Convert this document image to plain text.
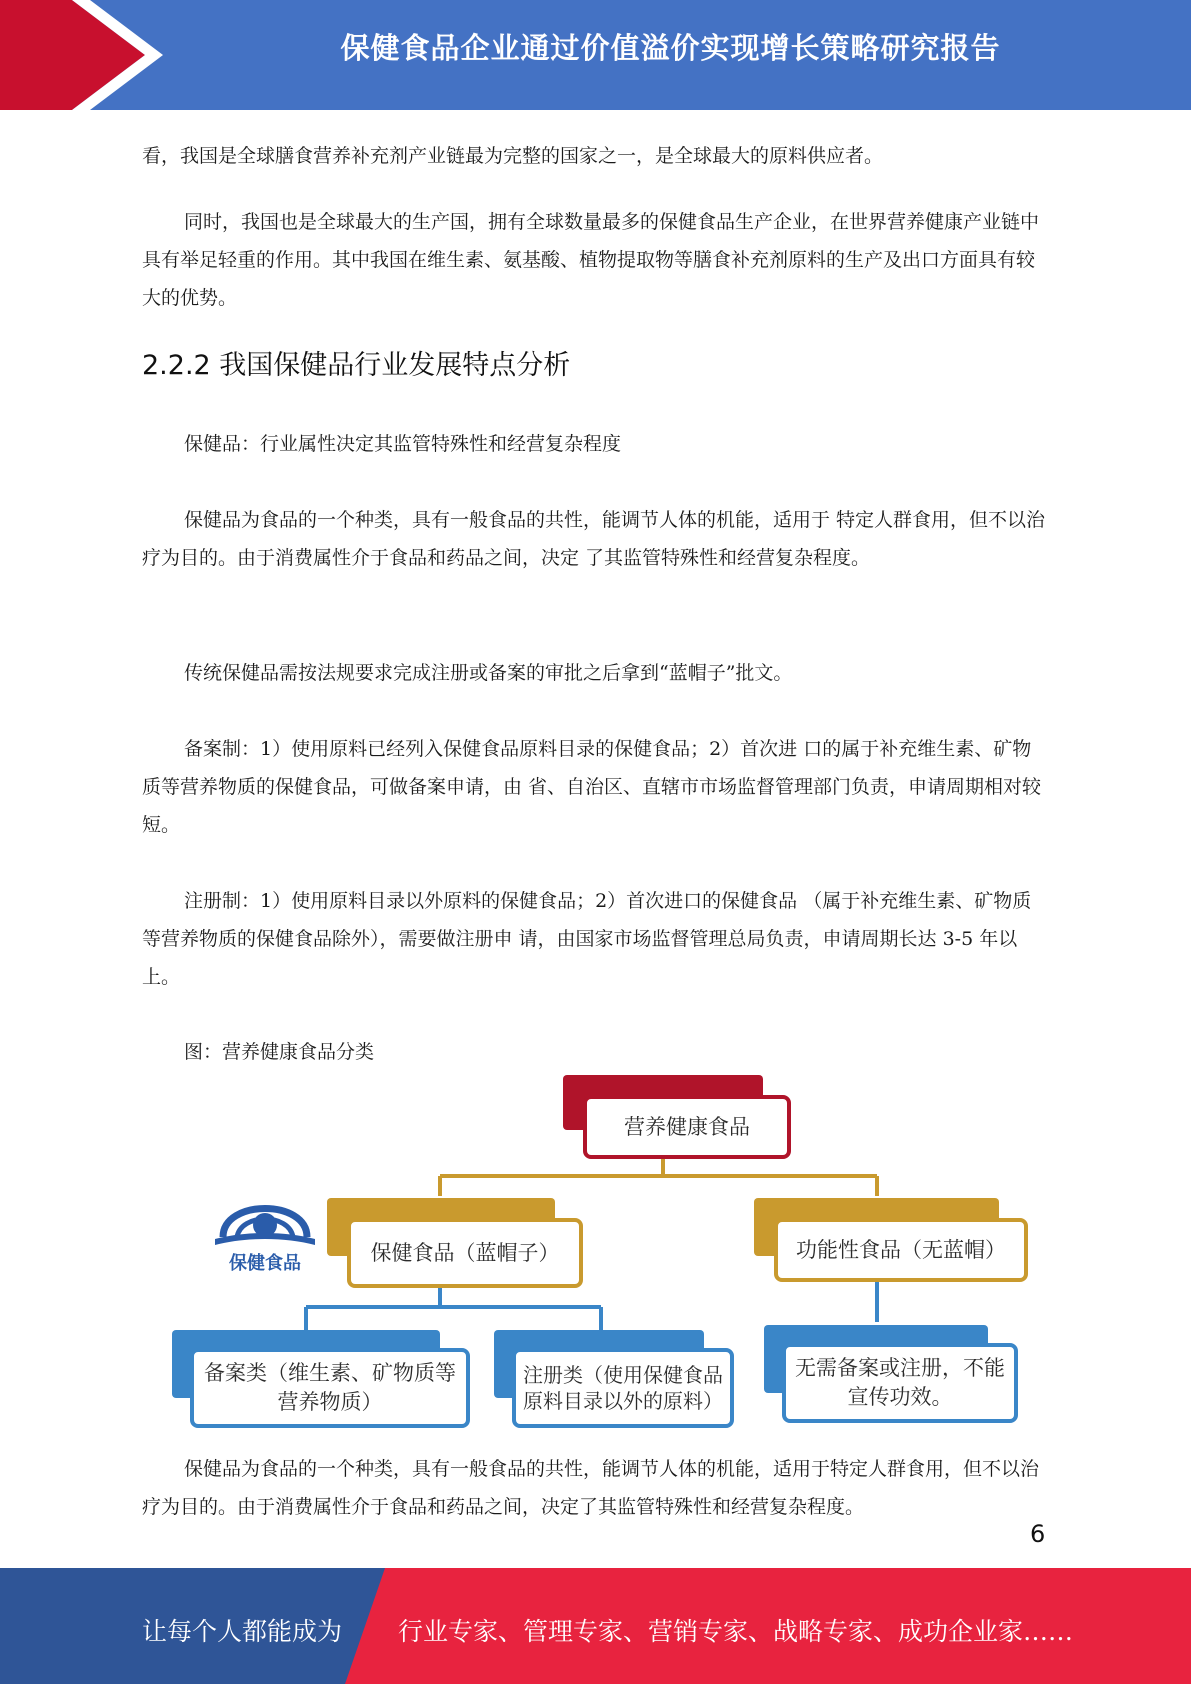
保健食品企业通过价值溢价实现增长策略研究报告

看，我国是全球膳食营养补充剂产业链最为完整的国家之一，是全球最大的原料供应者。

同时，我国也是全球最大的生产国，拥有全球数量最多的保健食品生产企业，在世界营养健康产业链中具有举足轻重的作用。其中我国在维生素、氨基酸、植物提取物等膳食补充剂原料的生产及出口方面具有较大的优势。

2.2.2 我国保健品行业发展特点分析

保健品：行业属性决定其监管特殊性和经营复杂程度

保健品为食品的一个种类，具有一般食品的共性，能调节人体的机能，适用于 特定人群食用，但不以治疗为目的。由于消费属性介于食品和药品之间，决定 了其监管特殊性和经营复杂程度。

传统保健品需按法规要求完成注册或备案的审批之后拿到“蓝帽子”批文。

备案制：1）使用原料已经列入保健食品原料目录的保健食品；2）首次进 口的属于补充维生素、矿物质等营养物质的保健食品，可做备案申请，由 省、自治区、直辖市市场监督管理部门负责，申请周期相对较短。

注册制：1）使用原料目录以外原料的保健食品；2）首次进口的保健食品 （属于补充维生素、矿物质等营养物质的保健食品除外），需要做注册申 请，由国家市场监督管理总局负责，申请周期长达 3-5 年以上。

图：营养健康食品分类

营养健康食品
保健食品（蓝帽子）	功能性食品（无蓝帽）
备案类（维生素、矿物质等营养物质）
注册类（使用保健食品原料目录以外的原料）
无需备案或注册，不能宣传功效。
保健食品

保健品为食品的一个种类，具有一般食品的共性，能调节人体的机能，适用于特定人群食用，但不以治疗为目的。由于消费属性介于食品和药品之间，决定了其监管特殊性和经营复杂程度。

6
让每个人都能成为 行业专家、管理专家、营销专家、战略专家、成功企业家……
